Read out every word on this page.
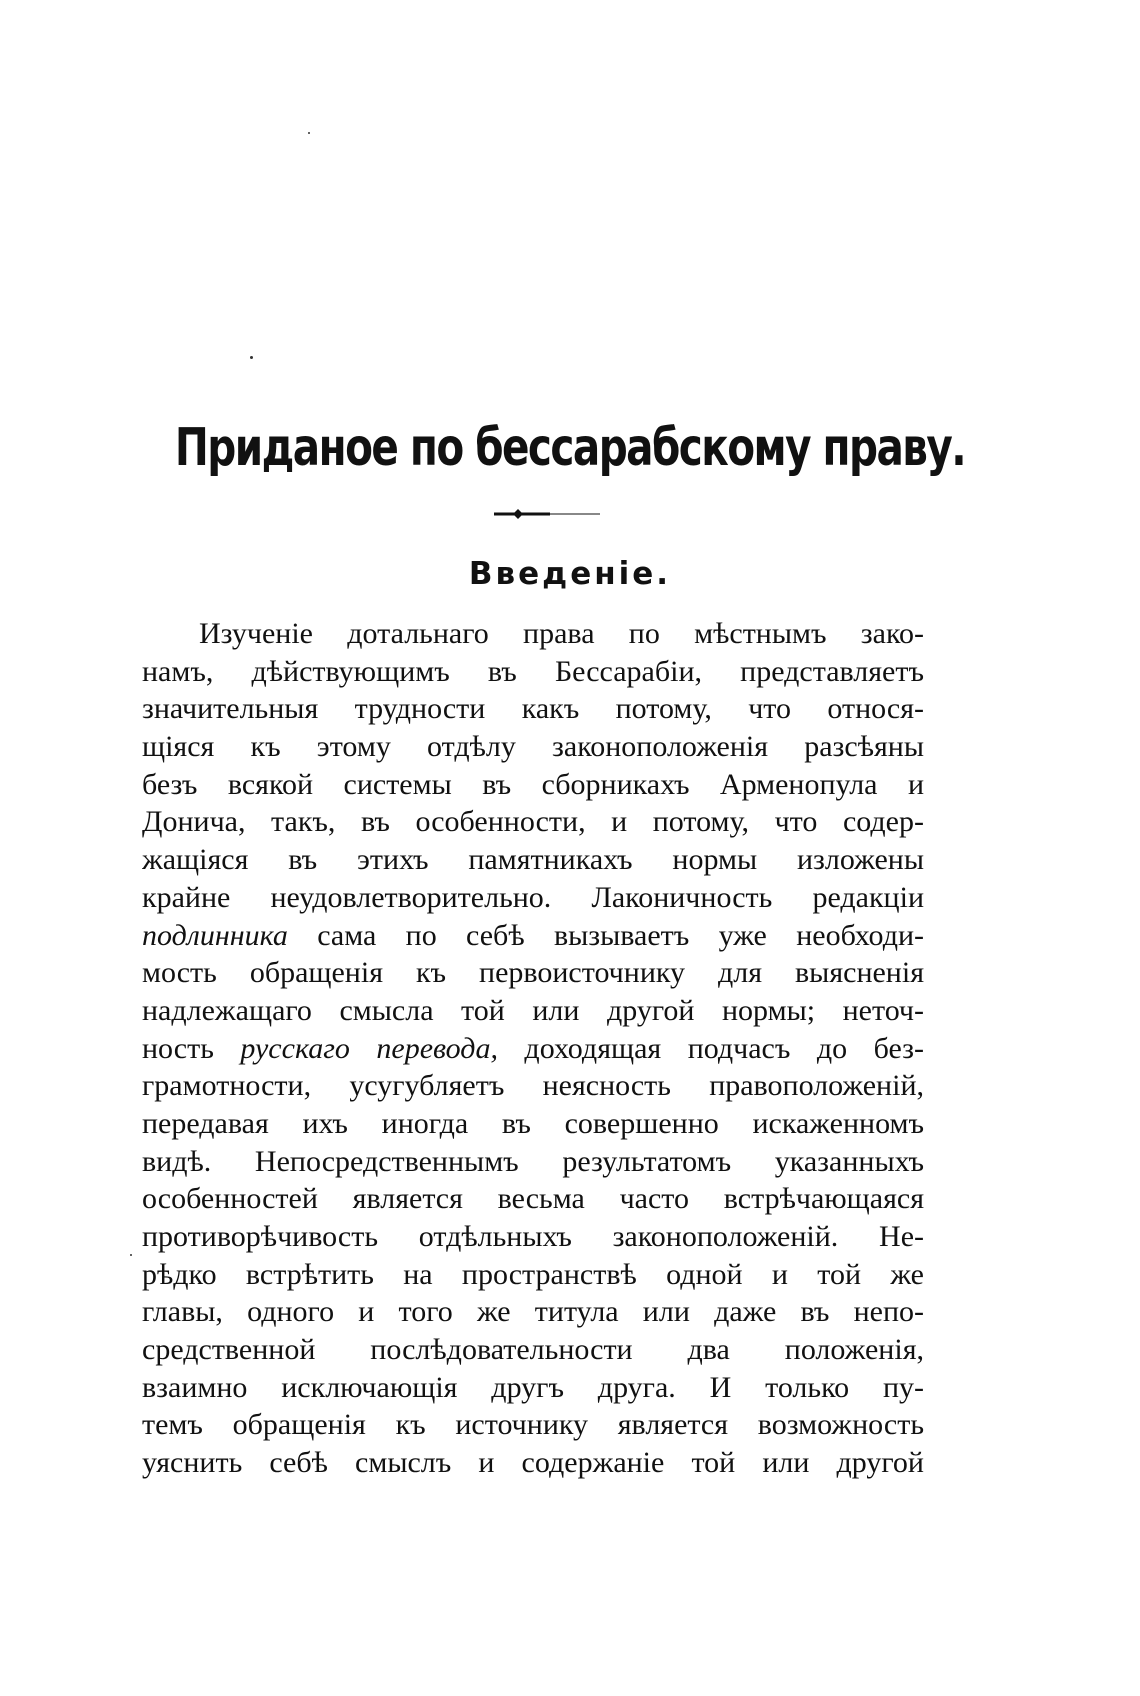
Приданое по бессарабскому праву.
Введеніе.
Изученіе дотальнаго права по мѣстнымъ зако-
намъ, дѣйствующимъ въ Бессарабіи, представляетъ
значительныя трудности какъ потому, что относя-
щіяся къ этому отдѣлу законоположенія разсѣяны
безъ всякой системы въ сборникахъ Арменопула и
Донича, такъ, въ особенности, и потому, что содер-
жащіяся въ этихъ памятникахъ нормы изложены
крайне неудовлетворительно. Лаконичность редакціи
подлинника сама по себѣ вызываетъ уже необходи-
мость обращенія къ первоисточнику для выясненія
надлежащаго смысла той или другой нормы; неточ-
ность русскаго перевода, доходящая подчасъ до без-
грамотности, усугубляетъ неясность правоположеній,
передавая ихъ иногда въ совершенно искаженномъ
видѣ. Непосредственнымъ результатомъ указанныхъ
особенностей является весьма часто встрѣчающаяся
противорѣчивость отдѣльныхъ законоположеній. Не-
рѣдко встрѣтить на пространствѣ одной и той же
главы, одного и того же титула или даже въ непо-
средственной послѣдовательности два положенія,
взаимно исключающія другъ друга. И только пу-
темъ обращенія къ источнику является возможность
уяснить себѣ смыслъ и содержаніе той или другой
